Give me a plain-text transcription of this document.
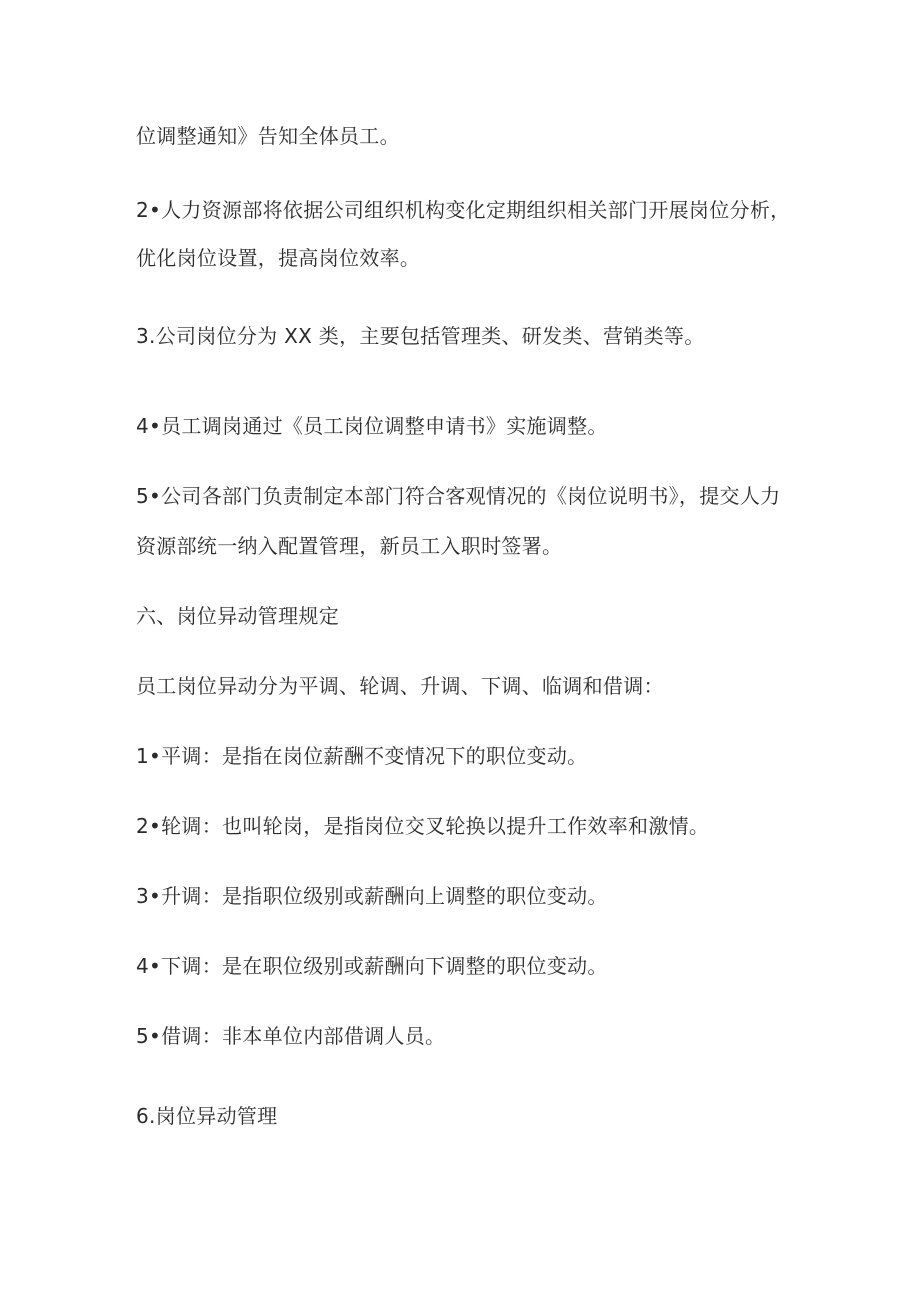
位调整通知》告知全体员工。
2•人力资源部将依据公司组织机构变化定期组织相关部门开展岗位分析，
优化岗位设置，提高岗位效率。
3.公司岗位分为 XX 类，主要包括管理类、研发类、营销类等。
4•员工调岗通过《员工岗位调整申请书》实施调整。
5•公司各部门负责制定本部门符合客观情况的《岗位说明书》，提交人力
资源部统一纳入配置管理，新员工入职时签署。
六、岗位异动管理规定
员工岗位异动分为平调、轮调、升调、下调、临调和借调：
1•平调：是指在岗位薪酬不变情况下的职位变动。
2•轮调：也叫轮岗，是指岗位交叉轮换以提升工作效率和激情。
3•升调：是指职位级别或薪酬向上调整的职位变动。
4•下调：是在职位级别或薪酬向下调整的职位变动。
5•借调：非本单位内部借调人员。
6.岗位异动管理
